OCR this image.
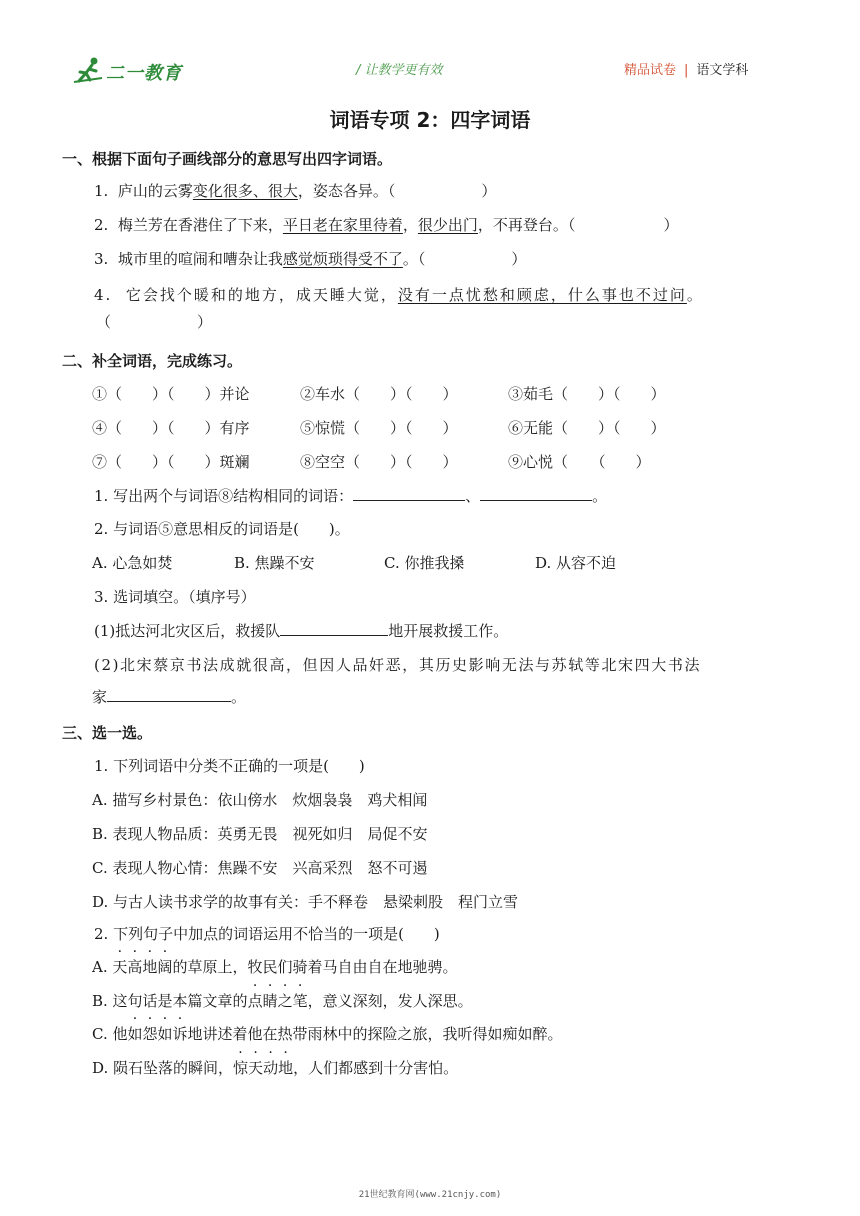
二一教育	/ 让教学更有效	精品试卷 | 语文学科
词语专项 2：四字词语
一、根据下面句子画线部分的意思写出四字词语。
1. 庐山的云雾变化很多、很大，姿态各异。（	）
2. 梅兰芳在香港住了下来，平日老在家里待着，很少出门，不再登台。（	）
3. 城市里的喧闹和嘈杂让我感觉烦琐得受不了。（	）
4. 它会找个暖和的地方，成天睡大觉，没有一点忧愁和顾虑，什么事也不过问。
（	）
二、补全词语，完成练习。
①（　　）（　　）并论	②车水（　　）（　　）	③茹毛（　　）（　　）
④（　　）（　　）有序	⑤惊慌（　　）（　　）	⑥无能（　　）（　　）
⑦（　　）（　　）斑斓	⑧空空（　　）（　　）	⑨心悦（　　（　　）
1. 写出两个与词语⑧结构相同的词语：	、	。
2. 与词语⑤意思相反的词语是(　　)。
A. 心急如焚	B. 焦躁不安	C. 你推我搡	D. 从容不迫
3. 选词填空。（填序号）
(1)抵达河北灾区后，救援队	地开展救援工作。
(2)北宋蔡京书法成就很高，但因人品奸恶，其历史影响无法与苏轼等北宋四大书法
家	。
三、选一选。
1. 下列词语中分类不正确的一项是(　　)
A. 描写乡村景色：依山傍水　炊烟袅袅　鸡犬相闻
B. 表现人物品质：英勇无畏　视死如归　局促不安
C. 表现人物心情：焦躁不安　兴高采烈　怒不可遏
D. 与古人读书求学的故事有关：手不释卷　悬梁刺股　程门立雪
2. 下列句子中加点的词语运用不恰当的一项是(　　)
A. 天高地阔的草原上，牧民们骑着马自由自在地驰骋。
B. 这句话是本篇文章的点睛之笔，意义深刻，发人深思。
C. 他如怨如诉地讲述着他在热带雨林中的探险之旅，我听得如痴如醉。
D. 陨石坠落的瞬间，惊天动地，人们都感到十分害怕。
21世纪教育网(www.21cnjy.com)
